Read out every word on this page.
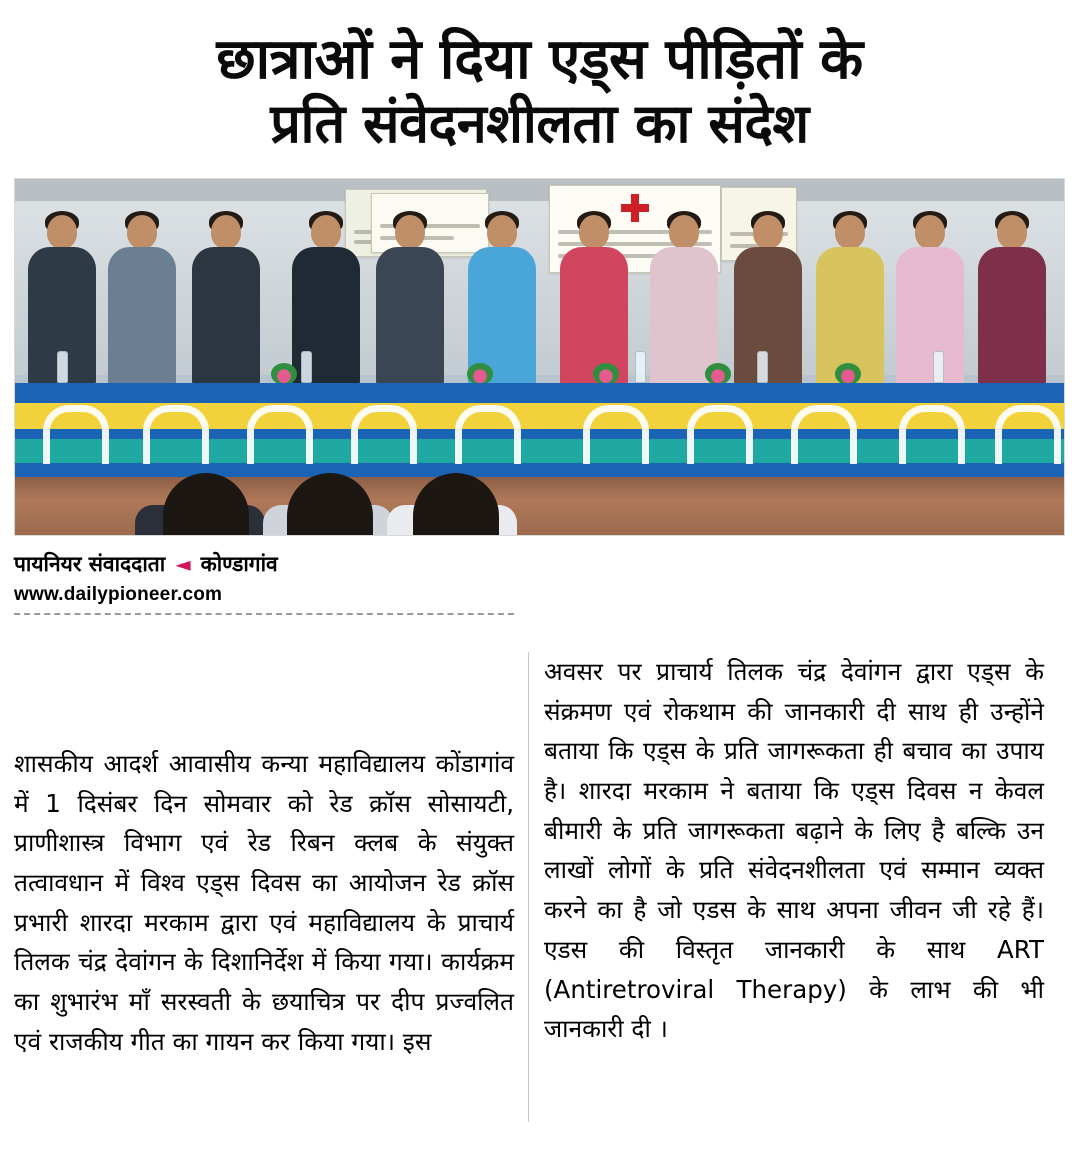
छात्राओं ने दिया एड्स पीड़ितों के
प्रति संवेदनशीलता का संदेश
पायनियर संवाददाता ◄ कोण्डागांव
www.dailypioneer.com

शासकीय आदर्श आवासीय कन्या महाविद्यालय कोंडागांव में 1 दिसंबर दिन सोमवार को रेड क्रॉस सोसायटी, प्राणीशास्त्र विभाग एवं रेड रिबन क्लब के संयुक्त तत्वावधान में विश्व एड्स दिवस का आयोजन रेड क्रॉस प्रभारी शारदा मरकाम द्वारा एवं महाविद्यालय के प्राचार्य तिलक चंद्र देवांगन के दिशानिर्देश में किया गया। कार्यक्रम का शुभारंभ माँ सरस्वती के छयाचित्र पर दीप प्रज्वलित एवं राजकीय गीत का गायन कर किया गया। इस

अवसर पर प्राचार्य तिलक चंद्र देवांगन द्वारा एड्स के संक्रमण एवं रोकथाम की जानकारी दी साथ ही उन्होंने बताया कि एड्स के प्रति जागरूकता ही बचाव का उपाय है। शारदा मरकाम ने बताया कि एड्स दिवस न केवल बीमारी के प्रति जागरूकता बढ़ाने के लिए है बल्कि उन लाखों लोगों के प्रति संवेदनशीलता एवं सम्मान व्यक्त करने का है जो एडस के साथ अपना जीवन जी रहे हैं। एडस की विस्तृत जानकारी के साथ ART (Antiretroviral Therapy) के लाभ की भी जानकारी दी ।
